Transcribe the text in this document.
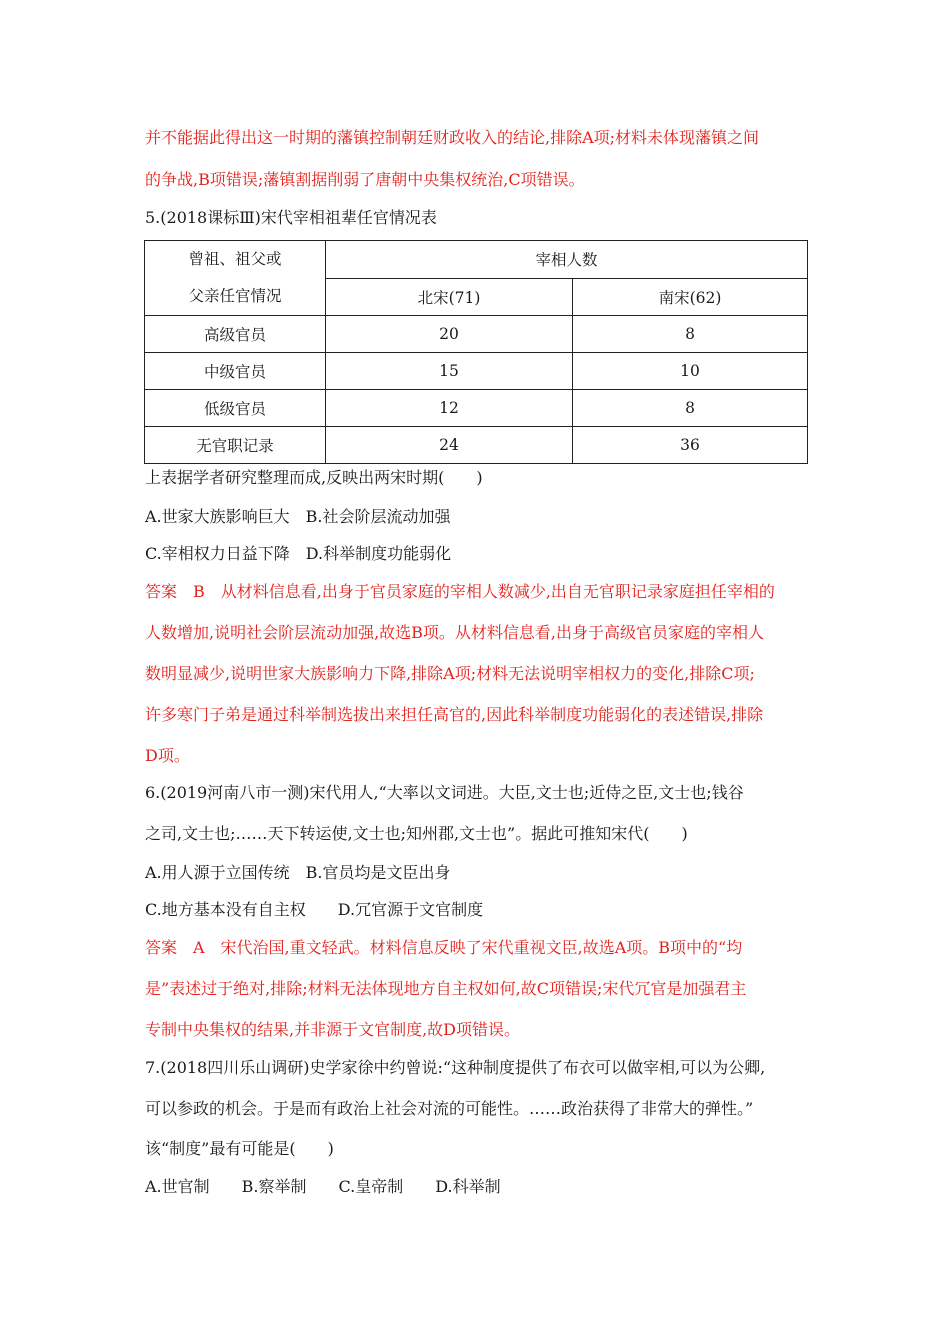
并不能据此得出这一时期的藩镇控制朝廷财政收入的结论,排除A项;材料未体现藩镇之间
的争战,B项错误;藩镇割据削弱了唐朝中央集权统治,C项错误。
5.(2018课标Ⅲ)宋代宰相祖辈任官情况表
曾祖、祖父或
父亲任官情况	宰相人数	
	北宋(71)	南宋(62)
高级官员	20	8
中级官员	15	10
低级官员	12	8
无官职记录	24	36
上表据学者研究整理而成,反映出两宋时期(　　)
A.世家大族影响巨大　B.社会阶层流动加强
C.宰相权力日益下降　D.科举制度功能弱化
答案　B　从材料信息看,出身于官员家庭的宰相人数减少,出自无官职记录家庭担任宰相的
人数增加,说明社会阶层流动加强,故选B项。从材料信息看,出身于高级官员家庭的宰相人
数明显减少,说明世家大族影响力下降,排除A项;材料无法说明宰相权力的变化,排除C项;
许多寒门子弟是通过科举制选拔出来担任高官的,因此科举制度功能弱化的表述错误,排除
D项。
6.(2019河南八市一测)宋代用人,“大率以文词进。大臣,文士也;近侍之臣,文士也;钱谷
之司,文士也;……天下转运使,文士也;知州郡,文士也”。据此可推知宋代(　　)
A.用人源于立国传统　B.官员均是文臣出身
C.地方基本没有自主权　　D.冗官源于文官制度
答案　A　宋代治国,重文轻武。材料信息反映了宋代重视文臣,故选A项。B项中的“均
是”表述过于绝对,排除;材料无法体现地方自主权如何,故C项错误;宋代冗官是加强君主
专制中央集权的结果,并非源于文官制度,故D项错误。
7.(2018四川乐山调研)史学家徐中约曾说:“这种制度提供了布衣可以做宰相,可以为公卿,
可以参政的机会。于是而有政治上社会对流的可能性。……政治获得了非常大的弹性。”
该“制度”最有可能是(　　)
A.世官制　　B.察举制　　C.皇帝制　　D.科举制
